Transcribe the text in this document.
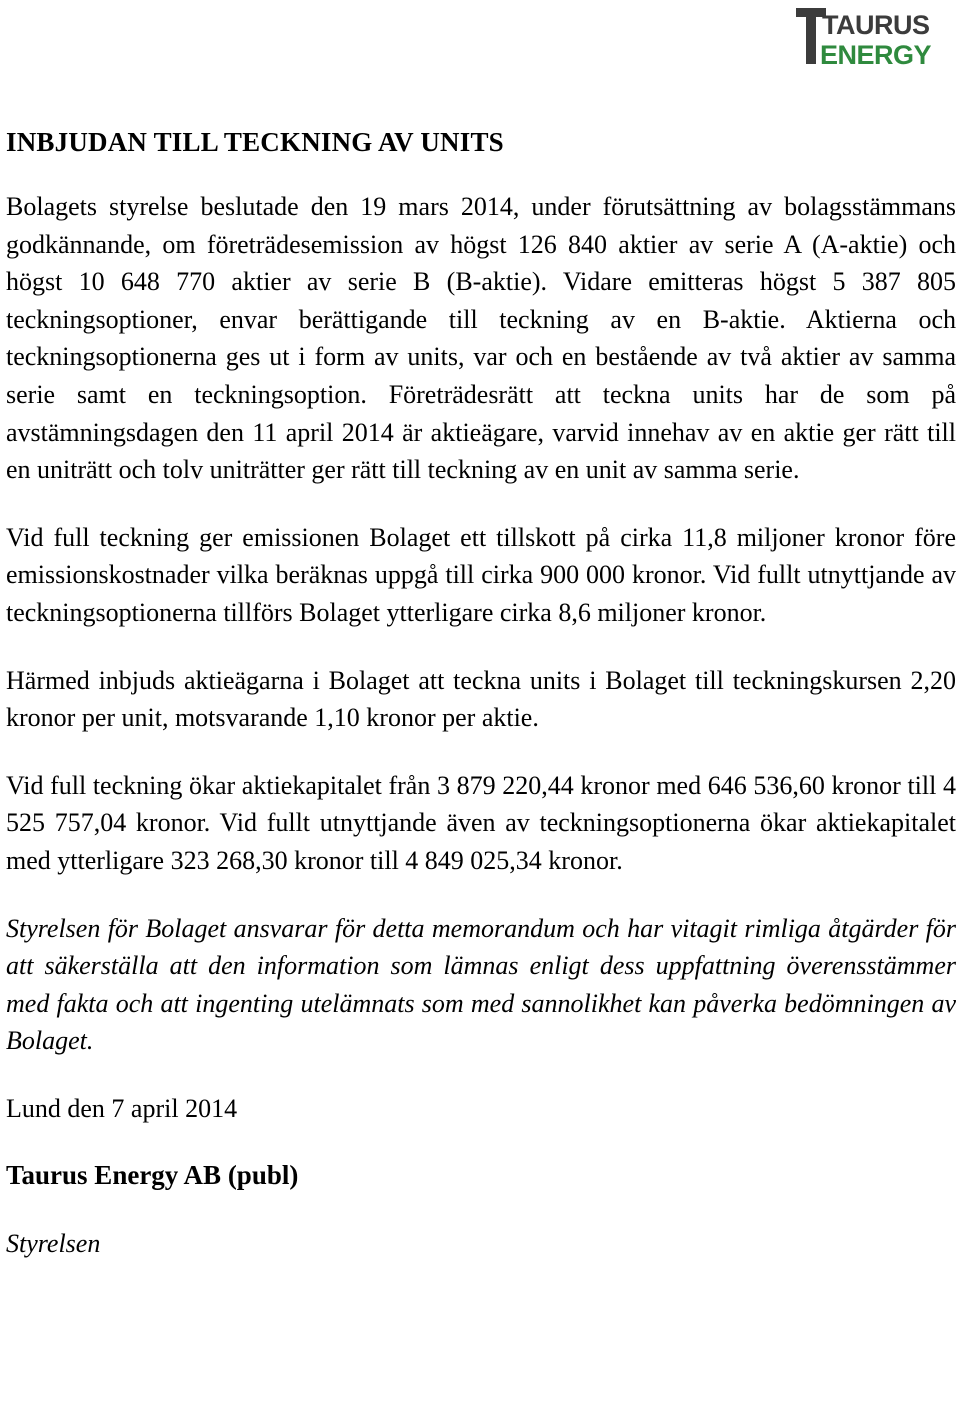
TAURUS
ENERGY
INBJUDAN TILL TECKNING AV UNITS
Bolagets styrelse beslutade den 19 mars 2014, under förutsättning av bolagsstämmans godkännande, om företrädesemission av högst 126 840 aktier av serie A (A-aktie) och högst 10 648 770 aktier av serie B (B-aktie). Vidare emitteras högst 5 387 805 teckningsoptioner, envar berättigande till teckning av en B-aktie. Aktierna och teckningsoptionerna ges ut i form av units, var och en bestående av två aktier av samma serie samt en teckningsoption. Företrädesrätt att teckna units har de som på avstämningsdagen den 11 april 2014 är aktieägare, varvid innehav av en aktie ger rätt till en uniträtt och tolv uniträtter ger rätt till teckning av en unit av samma serie.
Vid full teckning ger emissionen Bolaget ett tillskott på cirka 11,8 miljoner kronor före emissionskostnader vilka beräknas uppgå till cirka 900 000 kronor. Vid fullt utnyttjande av teckningsoptionerna tillförs Bolaget ytterligare cirka 8,6 miljoner kronor.
Härmed inbjuds aktieägarna i Bolaget att teckna units i Bolaget till teckningskursen 2,20 kronor per unit, motsvarande 1,10 kronor per aktie.
Vid full teckning ökar aktiekapitalet från 3 879 220,44 kronor med 646 536,60 kronor till 4 525 757,04 kronor. Vid fullt utnyttjande även av teckningsoptionerna ökar aktiekapitalet med ytterligare 323 268,30 kronor till 4 849 025,34 kronor.
Styrelsen för Bolaget ansvarar för detta memorandum och har vitagit rimliga åtgärder för att säkerställa att den information som lämnas enligt dess uppfattning överensstämmer med fakta och att ingenting utelämnats som med sannolikhet kan påverka bedömningen av Bolaget.
Lund den 7 april 2014
Taurus Energy AB (publ)
Styrelsen
